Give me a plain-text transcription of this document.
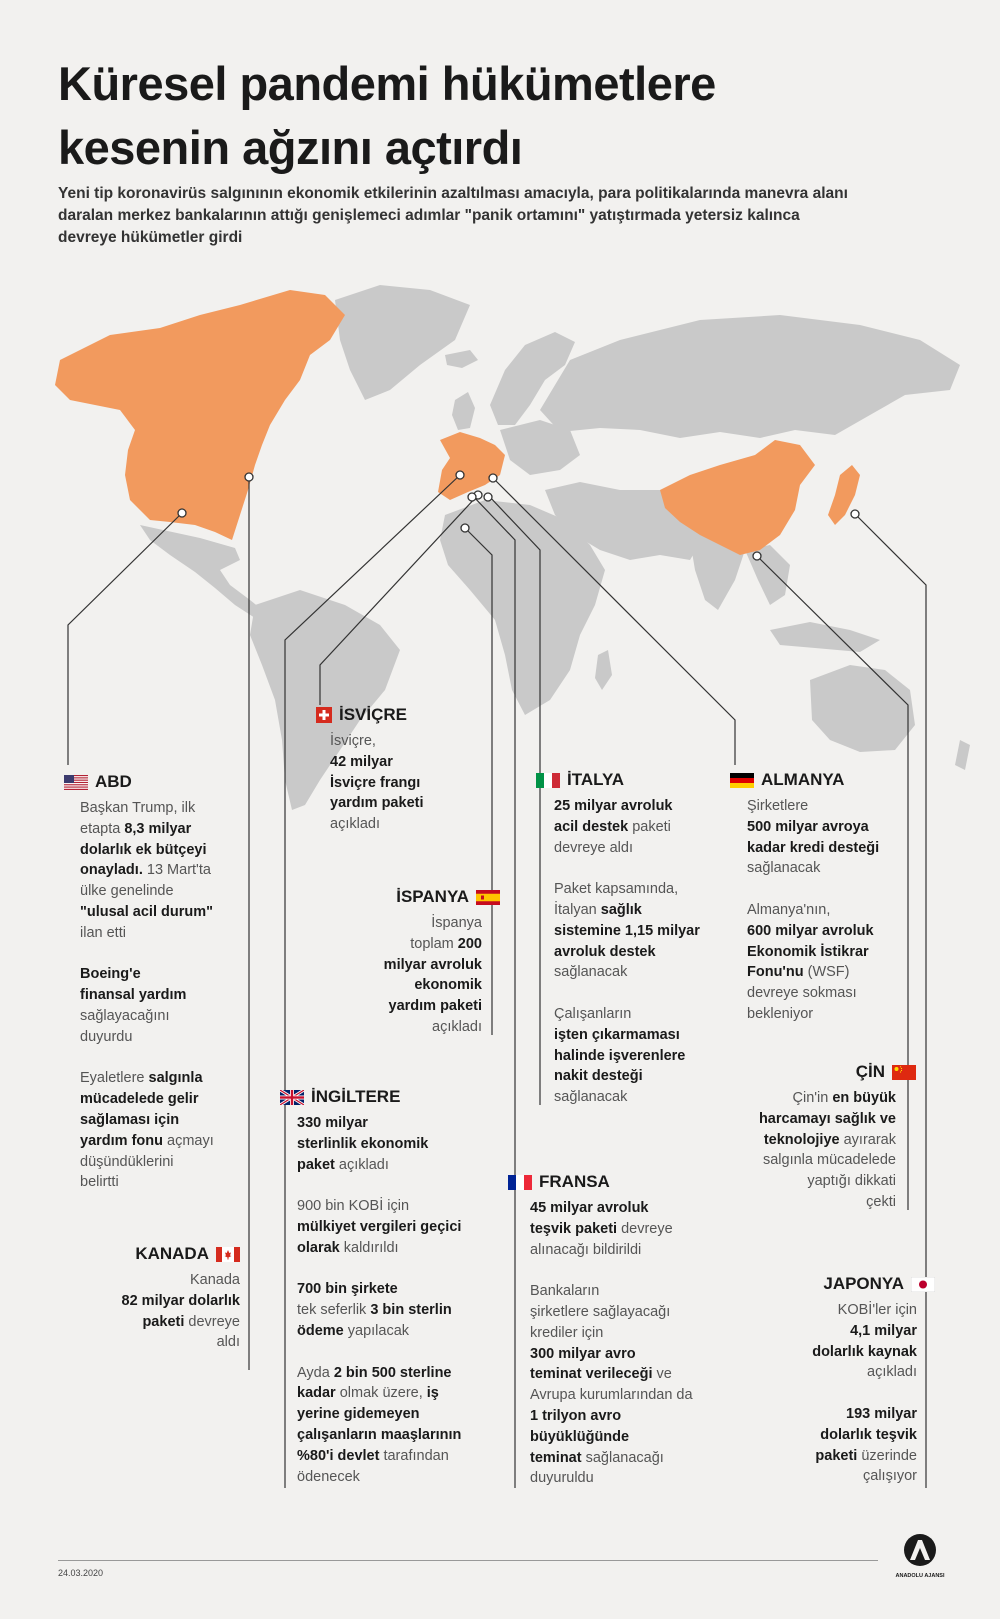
Küresel pandemi hükümetlere
kesenin ağzını açtırdı

Yeni tip koronavirüs salgınının ekonomik etkilerinin azaltılması amacıyla, para politikalarında manevra alanı daralan merkez bankalarının attığı genişlemeci adımlar "panik ortamını" yatıştırmada yetersiz kalınca devreye hükümetler girdi

ABD

Başkan Trump, ilk
etapta 8,3 milyar
dolarlık ek bütçeyi
onayladı. 13 Mart'ta
ülke genelinde
"ulusal acil durum"
ilan etti

Boeing'e
finansal yardım
sağlayacağını
duyurdu

Eyaletlere salgınla
mücadelede gelir
sağlaması için
yardım fonu açmayı
düşündüklerini
belirtti

KANADA

Kanada
82 milyar dolarlık
paketi devreye
aldı

İSVİÇRE

İsviçre,
42 milyar
İsviçre frangı
yardım paketi
açıkladı

İSPANYA

İspanya
toplam 200
milyar avroluk
ekonomik
yardım paketi
açıkladı

İNGİLTERE

330 milyar
sterlinlik ekonomik
paket açıkladı

900 bin KOBİ için
mülkiyet vergileri geçici
olarak kaldırıldı

700 bin şirkete
tek seferlik 3 bin sterlin
ödeme yapılacak

Ayda 2 bin 500 sterline
kadar olmak üzere, iş
yerine gidemeyen
çalışanların maaşlarının
%80'i devlet tarafından
ödenecek

İTALYA

25 milyar avroluk
acil destek paketi
devreye aldı

Paket kapsamında,
İtalyan sağlık
sistemine 1,15 milyar
avroluk destek
sağlanacak

Çalışanların
işten çıkarmaması
halinde işverenlere
nakit desteği
sağlanacak

FRANSA

45 milyar avroluk
teşvik paketi devreye
alınacağı bildirildi

Bankaların
şirketlere sağlayacağı
krediler için
300 milyar avro
teminat verileceği ve
Avrupa kurumlarından da
1 trilyon avro
büyüklüğünde
teminat sağlanacağı
duyuruldu

ALMANYA

Şirketlere
500 milyar avroya
kadar kredi desteği
sağlanacak

Almanya'nın,
600 milyar avroluk
Ekonomik İstikrar
Fonu'nu (WSF)
devreye sokması
bekleniyor

ÇİN

Çin'in en büyük
harcamayı sağlık ve
teknolojiye ayırarak
salgınla mücadelede
yaptığı dikkati
çekti

JAPONYA

KOBİ'ler için
4,1 milyar
dolarlık kaynak
açıkladı

193 milyar
dolarlık teşvik
paketi üzerinde
çalışıyor

24.03.2020	ANADOLU AJANSI
